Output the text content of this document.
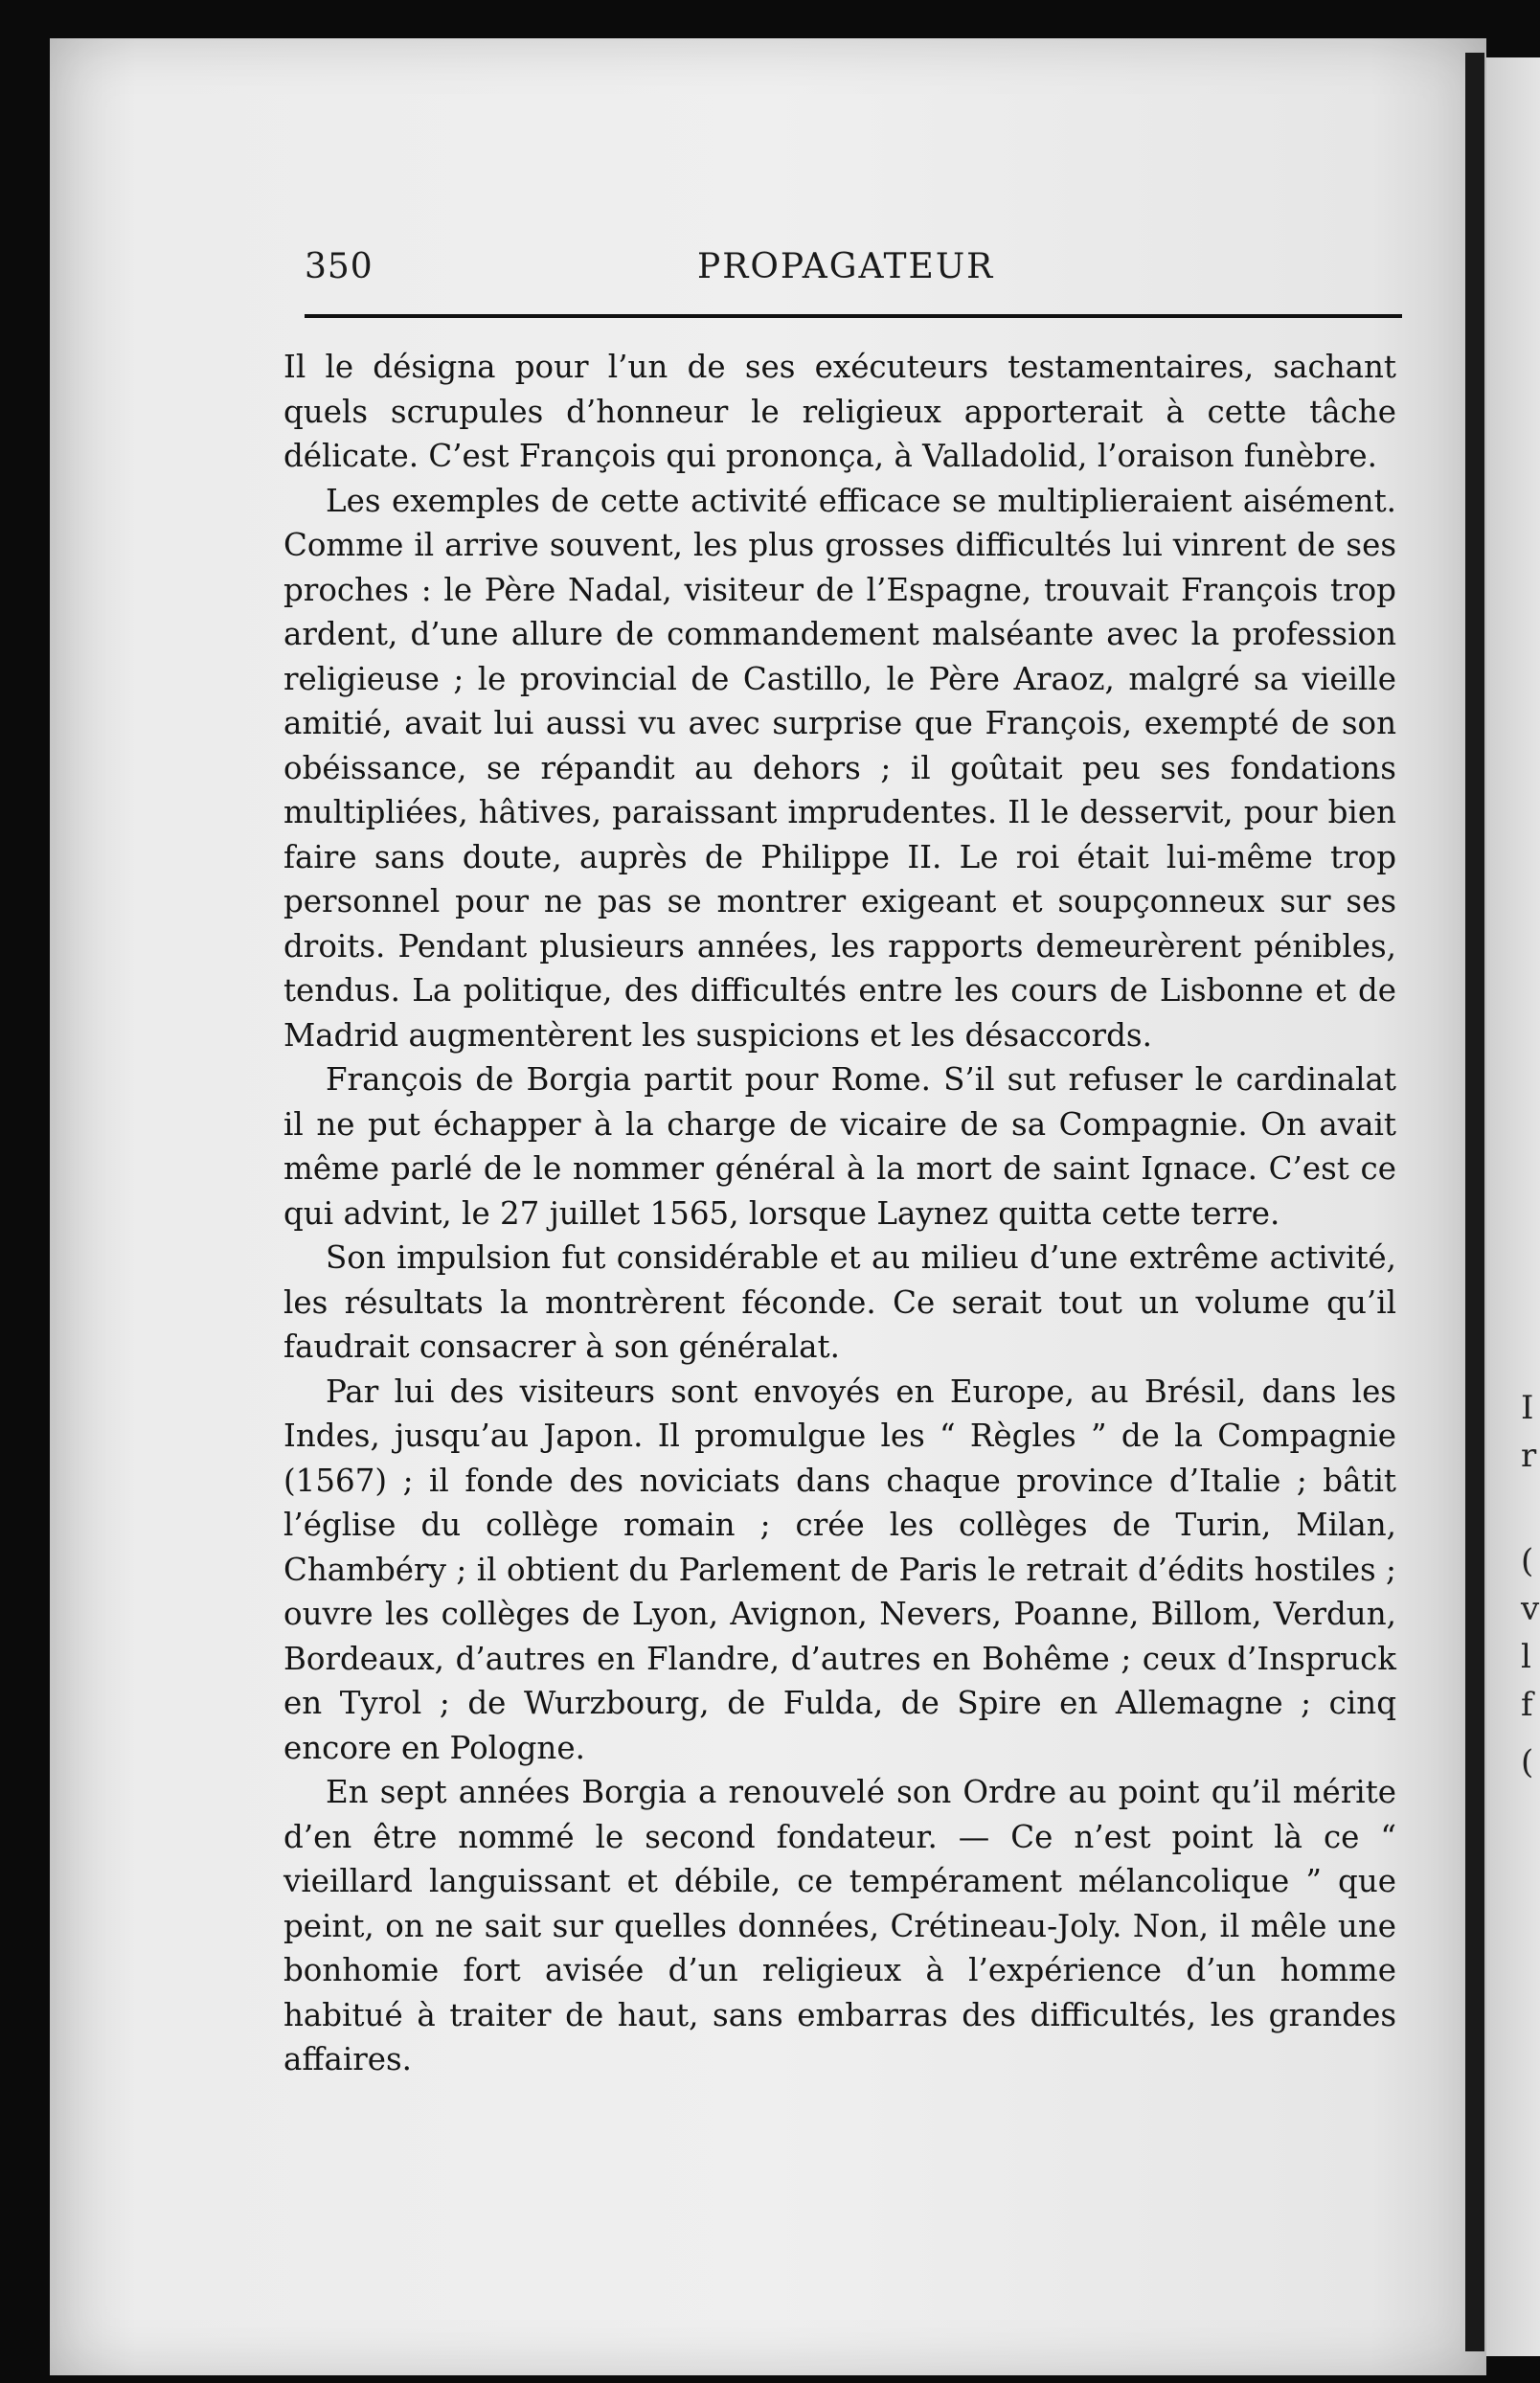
I
r
(
v
l
f
(
350	PROPAGATEUR

Il le désigna pour l’un de ses exécuteurs testamentaires, sachant quels scrupules d’honneur le religieux apporterait à cette tâche délicate. C’est François qui prononça, à Valladolid, l’oraison funèbre.

Les exemples de cette activité efficace se multiplieraient aisément. Comme il arrive souvent, les plus grosses difficultés lui vinrent de ses proches : le Père Nadal, visiteur de l’Espagne, trouvait François trop ardent, d’une allure de commandement malséante avec la profession religieuse ; le provincial de Castillo, le Père Araoz, malgré sa vieille amitié, avait lui aussi vu avec surprise que François, exempté de son obéissance, se répandit au dehors ; il goûtait peu ses fondations multipliées, hâtives, paraissant imprudentes. Il le desservit, pour bien faire sans doute, auprès de Philippe II. Le roi était lui-même trop personnel pour ne pas se montrer exigeant et soupçonneux sur ses droits. Pendant plusieurs années, les rapports demeurèrent pénibles, tendus. La politique, des difficultés entre les cours de Lisbonne et de Madrid augmentèrent les suspicions et les désaccords.

François de Borgia partit pour Rome. S’il sut refuser le cardinalat il ne put échapper à la charge de vicaire de sa Compagnie. On avait même parlé de le nommer général à la mort de saint Ignace. C’est ce qui advint, le 27 juillet 1565, lorsque Laynez quitta cette terre.

Son impulsion fut considérable et au milieu d’une extrême activité, les résultats la montrèrent féconde. Ce serait tout un volume qu’il faudrait consacrer à son généralat.

Par lui des visiteurs sont envoyés en Europe, au Brésil, dans les Indes, jusqu’au Japon. Il promulgue les “ Règles ” de la Compagnie (1567) ; il fonde des noviciats dans chaque province d’Italie ; bâtit l’église du collège romain ; crée les collèges de Turin, Milan, Chambéry ; il obtient du Parlement de Paris le retrait d’édits hostiles ; ouvre les collèges de Lyon, Avignon, Nevers, Poanne, Billom, Verdun, Bordeaux, d’autres en Flandre, d’autres en Bohême ; ceux d’Inspruck en Tyrol ; de Wurzbourg, de Fulda, de Spire en Allemagne ; cinq encore en Pologne.

En sept années Borgia a renouvelé son Ordre au point qu’il mérite d’en être nommé le second fondateur. — Ce n’est point là ce “ vieillard languissant et débile, ce tempérament mélancolique ” que peint, on ne sait sur quelles données, Crétineau-Joly. Non, il mêle une bonhomie fort avisée d’un religieux à l’expérience d’un homme habitué à traiter de haut, sans embarras des difficultés, les grandes affaires.
